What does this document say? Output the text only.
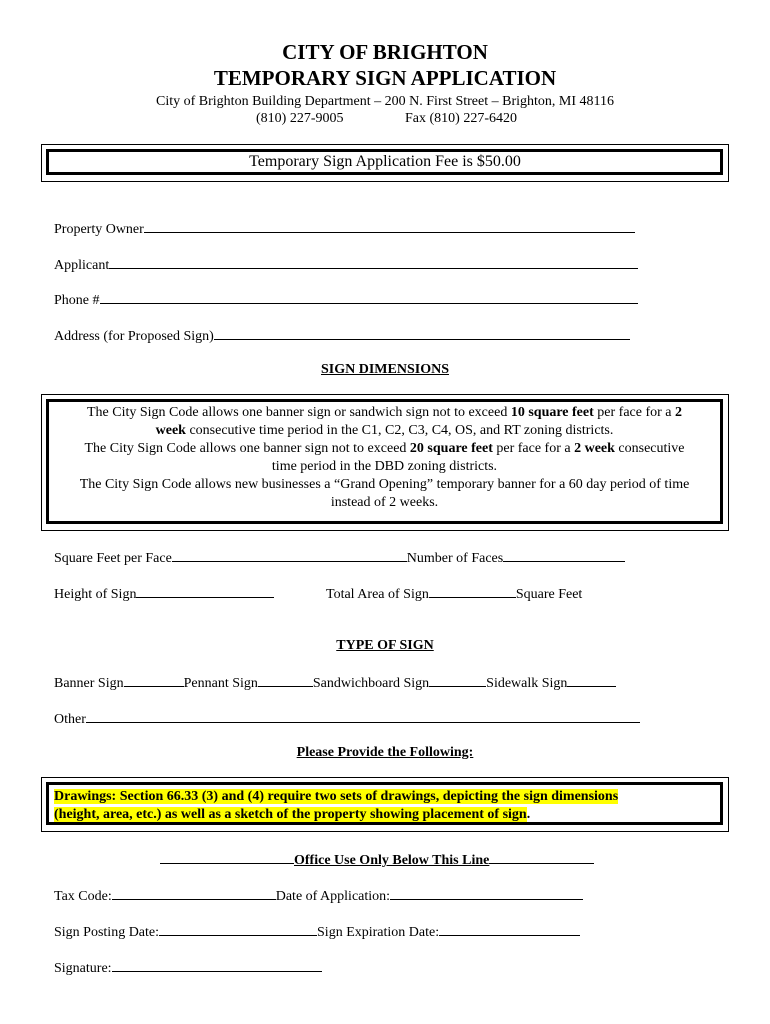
CITY OF BRIGHTON
TEMPORARY SIGN APPLICATION
City of Brighton Building Department – 200 N. First Street – Brighton, MI 48116
(810) 227-9005	Fax (810) 227-6420
Temporary Sign Application Fee is $50.00
Property Owner
Applicant
Phone #
Address (for Proposed Sign)
SIGN DIMENSIONS
The City Sign Code allows one banner sign or sandwich sign not to exceed 10 square feet per face for a 2
week consecutive time period in the C1, C2, C3, C4, OS, and RT zoning districts.
The City Sign Code allows one banner sign not to exceed 20 square feet per face for a 2 week consecutive
time period in the DBD zoning districts.
The City Sign Code allows new businesses a “Grand Opening” temporary banner for a 60 day period of time
instead of 2 weeks.
Square Feet per Face	Number of Faces
Height of Sign	Total Area of Sign	Square Feet
TYPE OF SIGN
Banner Sign	Pennant Sign	Sandwichboard Sign	Sidewalk Sign
Other
Please Provide the Following:
Drawings: Section 66.33 (3) and (4) require two sets of drawings, depicting the sign dimensions
(height, area, etc.) as well as a sketch of the property showing placement of sign.
Office Use Only Below This Line
Tax Code:	Date of Application:
Sign Posting Date:	Sign Expiration Date:
Signature:
